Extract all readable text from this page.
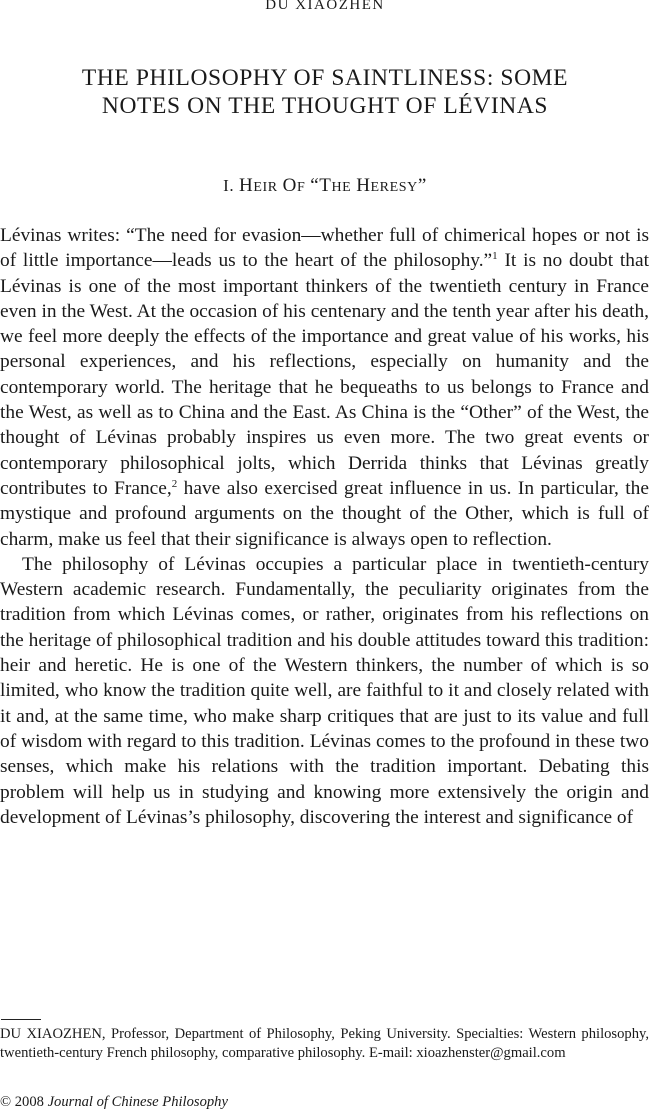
DU XIAOZHEN
THE PHILOSOPHY OF SAINTLINESS: SOME
NOTES ON THE THOUGHT OF LÉVINAS
I. HEIR OF “THE HERESY”

Lévinas writes: “The need for evasion—whether full of chimerical hopes or not is of little importance—leads us to the heart of the philosophy.”$^1$ It is no doubt that Lévinas is one of the most important thinkers of the twentieth century in France even in the West. At the occasion of his centenary and the tenth year after his death, we feel more deeply the effects of the importance and great value of his works, his personal experiences, and his reflections, especially on humanity and the contemporary world. The heritage that he bequeaths to us belongs to France and the West, as well as to China and the East. As China is the “Other” of the West, the thought of Lévinas probably inspires us even more. The two great events or contemporary philosophical jolts, which Derrida thinks that Lévinas greatly contributes to France,$^2$ have also exercised great influence in us. In particular, the mystique and profound arguments on the thought of the Other, which is full of charm, make us feel that their significance is always open to reflection.

The philosophy of Lévinas occupies a particular place in twentieth-century Western academic research. Fundamentally, the peculiarity originates from the tradition from which Lévinas comes, or rather, originates from his reflections on the heritage of philosophical tradition and his double attitudes toward this tradition: heir and heretic. He is one of the Western thinkers, the number of which is so limited, who know the tradition quite well, are faithful to it and closely related with it and, at the same time, who make sharp critiques that are just to its value and full of wisdom with regard to this tradition. Lévinas comes to the profound in these two senses, which make his relations with the tradition important. Debating this problem will help us in studying and knowing more extensively the origin and development of Lévinas’s philosophy, discovering the interest and significance of

DU XIAOZHEN, Professor, Department of Philosophy, Peking University. Specialties: Western philosophy, twentieth-century French philosophy, comparative philosophy. E-mail: xioazhenster@gmail.com

© 2008 Journal of Chinese Philosophy
